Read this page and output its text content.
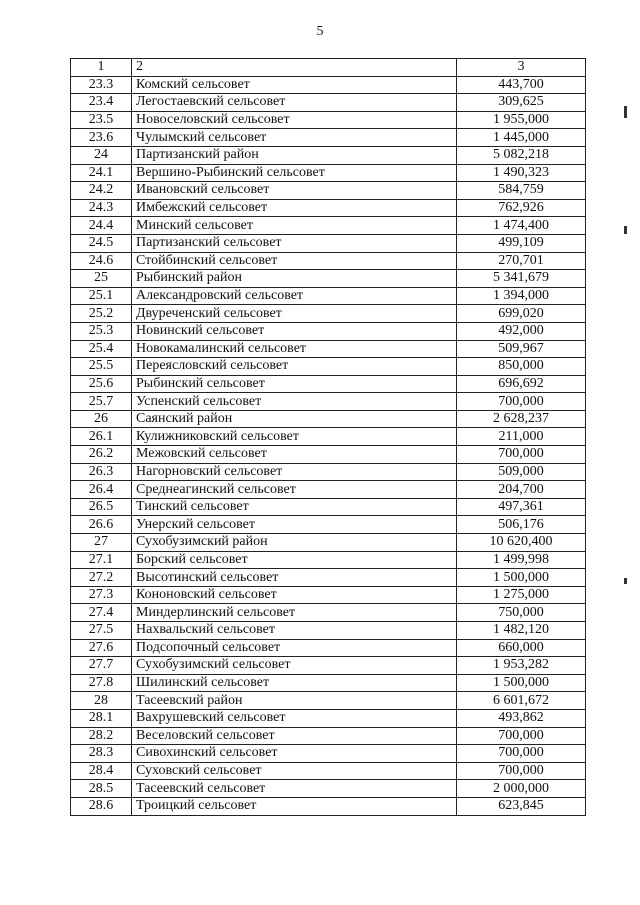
5
1	2	3
23.3	Комский сельсовет	443,700
23.4	Легостаевский сельсовет	309,625
23.5	Новоселовский сельсовет	1 955,000
23.6	Чулымский сельсовет	1 445,000
24	Партизанский район	5 082,218
24.1	Вершино-Рыбинский сельсовет	1 490,323
24.2	Ивановский сельсовет	584,759
24.3	Имбежский сельсовет	762,926
24.4	Минский сельсовет	1 474,400
24.5	Партизанский сельсовет	499,109
24.6	Стойбинский сельсовет	270,701
25	Рыбинский район	5 341,679
25.1	Александровский сельсовет	1 394,000
25.2	Двуреченский сельсовет	699,020
25.3	Новинский сельсовет	492,000
25.4	Новокамалинский сельсовет	509,967
25.5	Переясловский сельсовет	850,000
25.6	Рыбинский сельсовет	696,692
25.7	Успенский сельсовет	700,000
26	Саянский район	2 628,237
26.1	Кулижниковский сельсовет	211,000
26.2	Межовский сельсовет	700,000
26.3	Нагорновский сельсовет	509,000
26.4	Среднеагинский сельсовет	204,700
26.5	Тинский сельсовет	497,361
26.6	Унерский сельсовет	506,176
27	Сухобузимский район	10 620,400
27.1	Борский сельсовет	1 499,998
27.2	Высотинский сельсовет	1 500,000
27.3	Кононовский сельсовет	1 275,000
27.4	Миндерлинский сельсовет	750,000
27.5	Нахвальский сельсовет	1 482,120
27.6	Подсопочный сельсовет	660,000
27.7	Сухобузимский сельсовет	1 953,282
27.8	Шилинский сельсовет	1 500,000
28	Тасеевский район	6 601,672
28.1	Вахрушевский сельсовет	493,862
28.2	Веселовский сельсовет	700,000
28.3	Сивохинский сельсовет	700,000
28.4	Суховский сельсовет	700,000
28.5	Тасеевский сельсовет	2 000,000
28.6	Троицкий сельсовет	623,845
